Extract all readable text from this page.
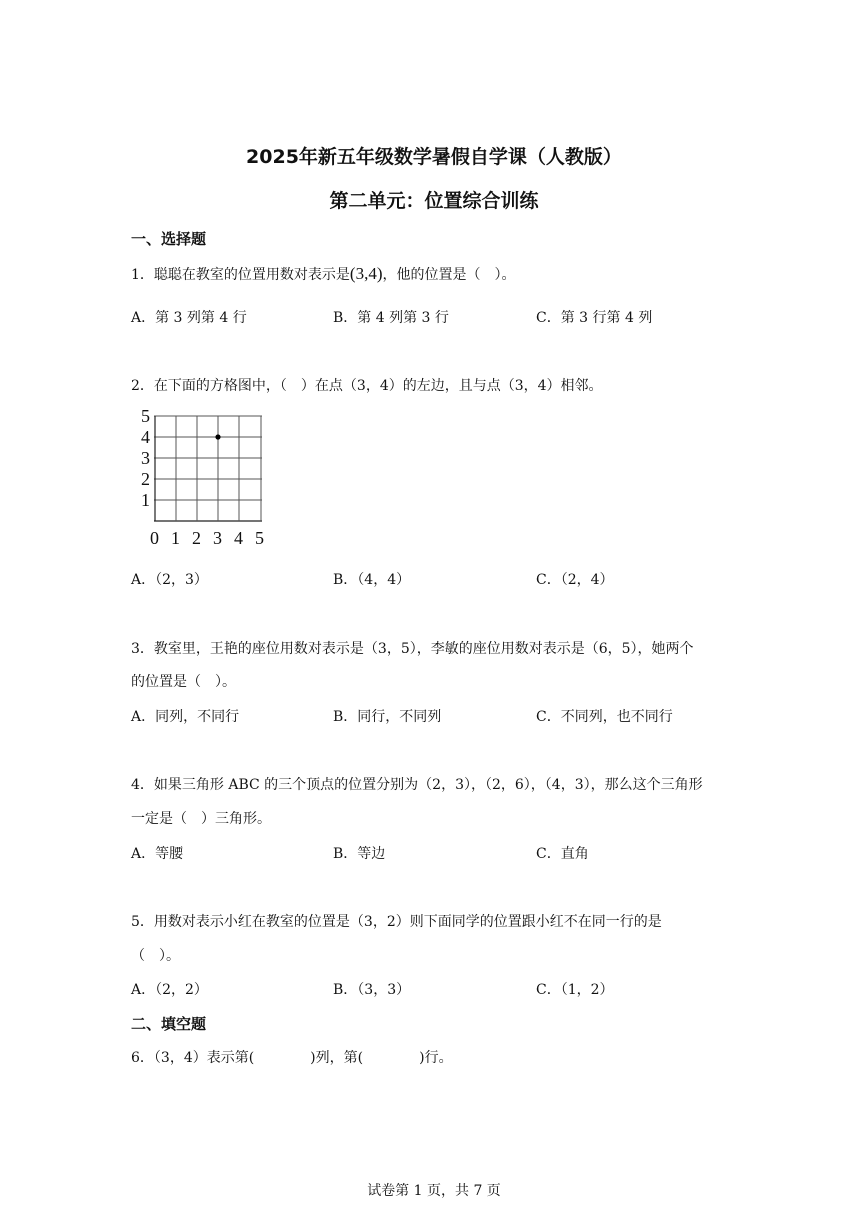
2025年新五年级数学暑假自学课（人教版）
第二单元：位置综合训练
一、选择题
1．聪聪在教室的位置用数对表示是(3,4)，他的位置是（　）。
A．第 3 列第 4 行	B．第 4 列第 3 行	C．第 3 行第 4 列
2．在下面的方格图中，（　）在点（3，4）的左边，且与点（3，4）相邻。
5
4
3
2
1
0 1 2 3 4 5
A．（2，3）	B．（4，4）	C．（2，4）
3．教室里，王艳的座位用数对表示是（3，5），李敏的座位用数对表示是（6，5），她两个
的位置是（　）。
A．同列，不同行	B．同行，不同列	C．不同列，也不同行
4．如果三角形 ABC 的三个顶点的位置分别为（2，3），（2，6），（4，3），那么这个三角形
一定是（　）三角形。
A．等腰	B．等边	C．直角
5．用数对表示小红在教室的位置是（3，2）则下面同学的位置跟小红不在同一行的是
（　）。
A．（2，2）	B．（3，3）	C．（1，2）
二、填空题
6．（3，4）表示第(　　　　)列，第(　　　　)行。
试卷第 1 页，共 7 页
